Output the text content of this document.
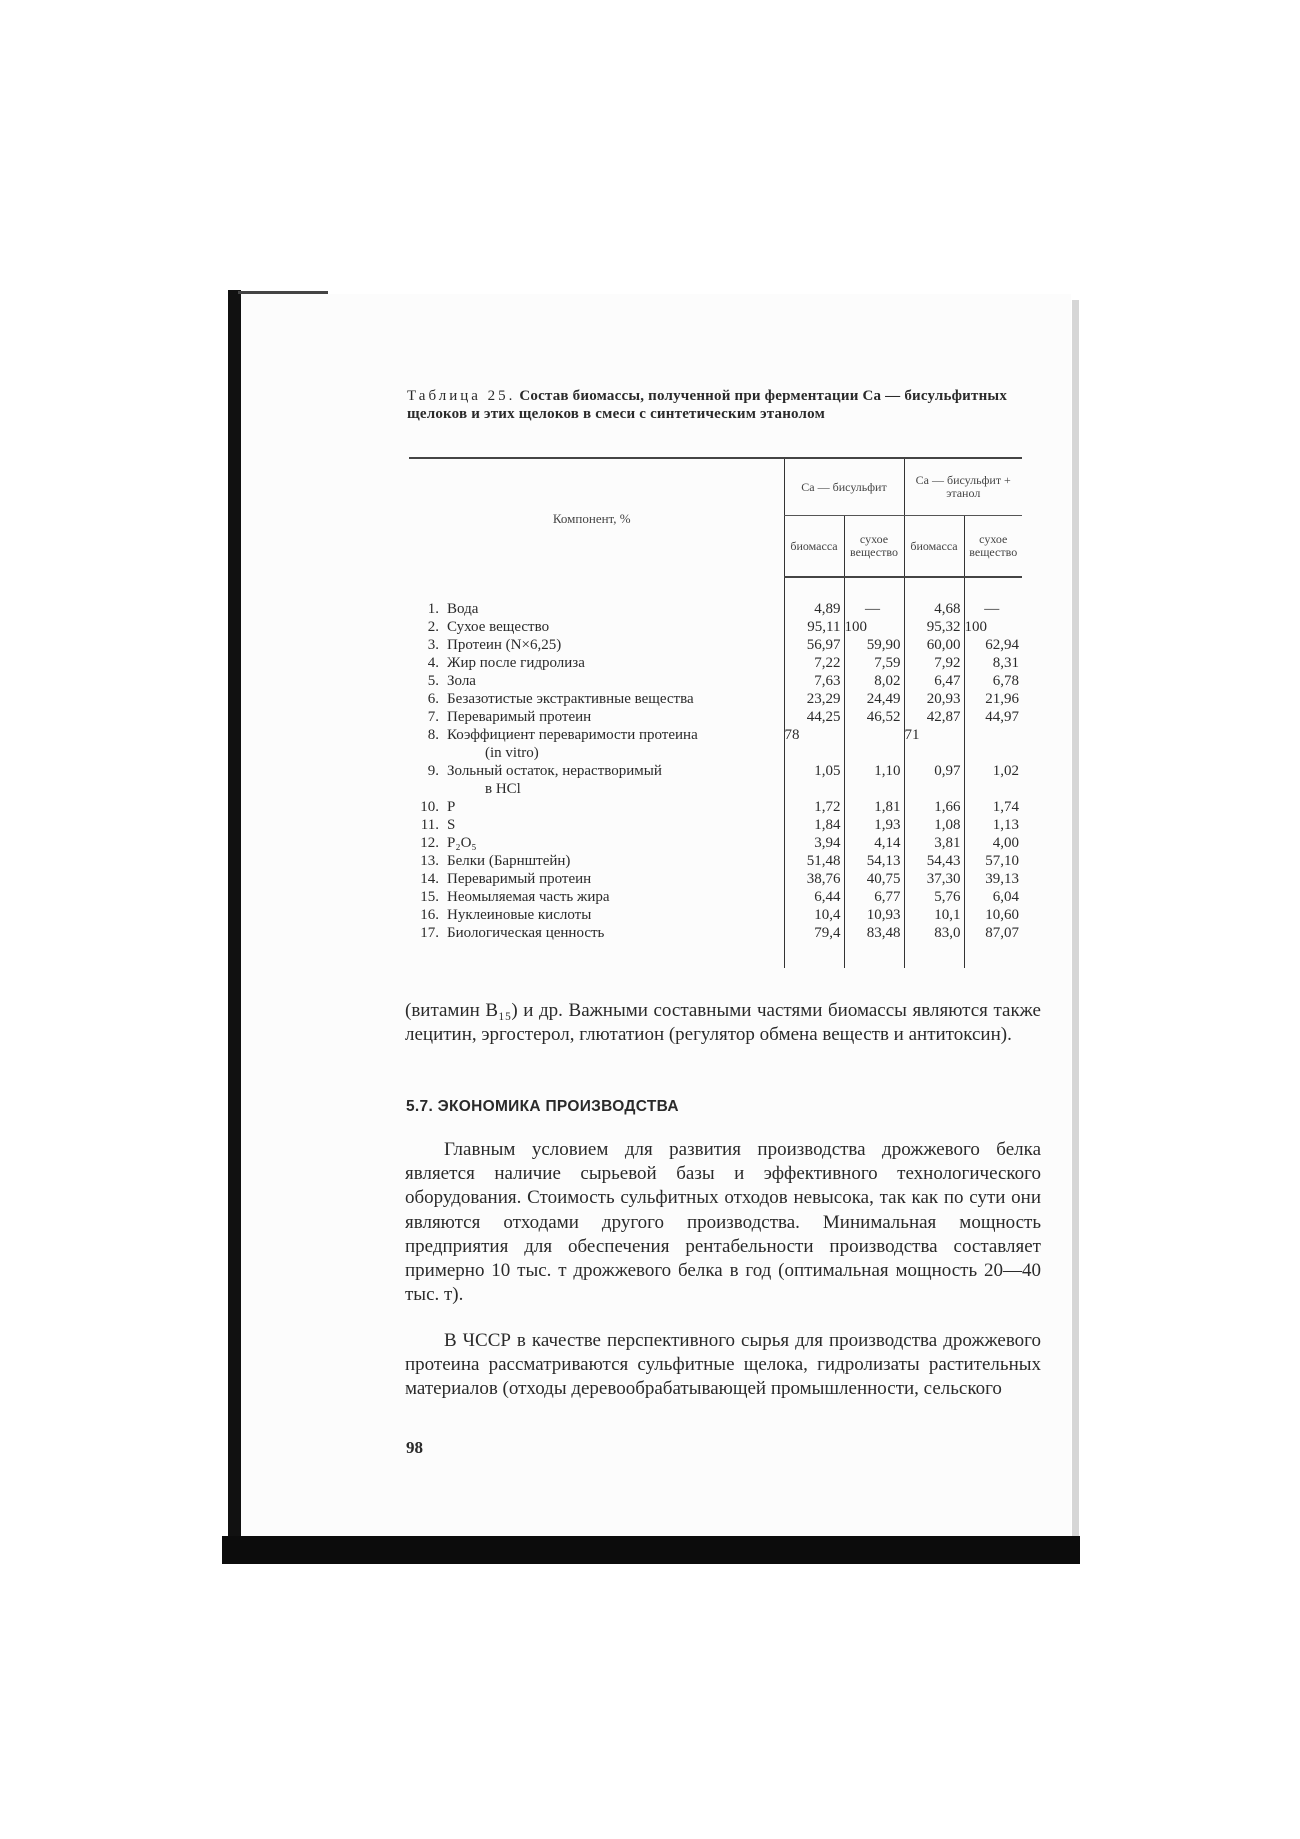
Таблица 25. Состав биомассы, полученной при ферментации Са — бисульфитных щелоков и этих щелоков в смеси с синтетическим этанолом
Компонент, %	Са — бисульфит		Са — бисульфит + этанол	
	биомасса	сухое вещество	биомасса	сухое вещество

1. Вода	4,89	—	4,68	—
2. Сухое вещество	95,11	100	95,32	100
3. Протеин (N×6,25)	56,97	59,90	60,00	62,94
4. Жир после гидролиза	7,22	7,59	7,92	8,31
5. Зола	7,63	8,02	6,47	6,78
6. Безазотистые экстрактивные вещества	23,29	24,49	20,93	21,96
7. Переваримый протеин	44,25	46,52	42,87	44,97
8. Коэффициент переваримости протеина
(in vitro)	78		71	
9. Зольный остаток, нерастворимый
в HCl	1,05	1,10	0,97	1,02
10. P	1,72	1,81	1,66	1,74
11. S	1,84	1,93	1,08	1,13
12. P₂O₅	3,94	4,14	3,81	4,00
13. Белки (Барнштейн)	51,48	54,13	54,43	57,10
14. Переваримый протеин	38,76	40,75	37,30	39,13
15. Неомыляемая часть жира	6,44	6,77	5,76	6,04
16. Нуклеиновые кислоты	10,4	10,93	10,1	10,60
17. Биологическая ценность	79,4	83,48	83,0	87,07

(витамин B₁₅) и др. Важными составными частями биомассы являются также лецитин, эргостерол, глютатион (регулятор обмена веществ и антитоксин).
5.7. ЭКОНОМИКА ПРОИЗВОДСТВА
Главным условием для развития производства дрожжевого белка является наличие сырьевой базы и эффективного технологического оборудования. Стоимость сульфитных отходов невысока, так как по сути они являются отходами другого производства. Минимальная мощность предприятия для обеспечения рентабельности производства составляет примерно 10 тыс. т дрожжевого белка в год (оптимальная мощность 20—40 тыс. т).
В ЧССР в качестве перспективного сырья для производства дрожжевого протеина рассматриваются сульфитные щелока, гидролизаты растительных материалов (отходы деревообрабатывающей промышленности, сельского
98
